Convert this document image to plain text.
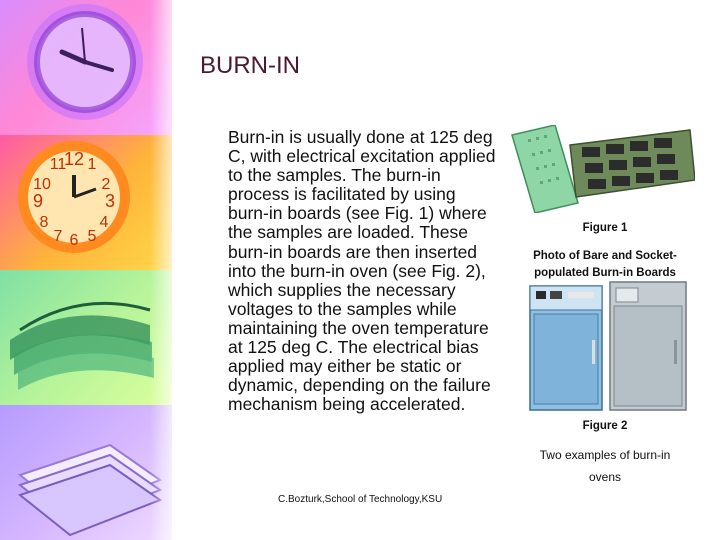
12
11 1
10	2
9	3
8	4
7 6 5
BURN-IN

Burn-in is usually done at 125 deg C, with electrical excitation applied to the samples. The burn-in process is facilitated by using burn-in boards (see Fig. 1) where the samples are loaded. These burn-in boards are then inserted into the burn-in oven (see Fig. 2), which supplies the necessary voltages to the samples while maintaining the oven temperature at 125 deg C. The electrical bias applied may either be static or dynamic, depending on the failure mechanism being accelerated.

C.Bozturk,School of Technology,KSU
Figure 1
Photo of Bare and Socket-
populated Burn-in Boards
Figure 2
Two examples of burn-in
ovens
